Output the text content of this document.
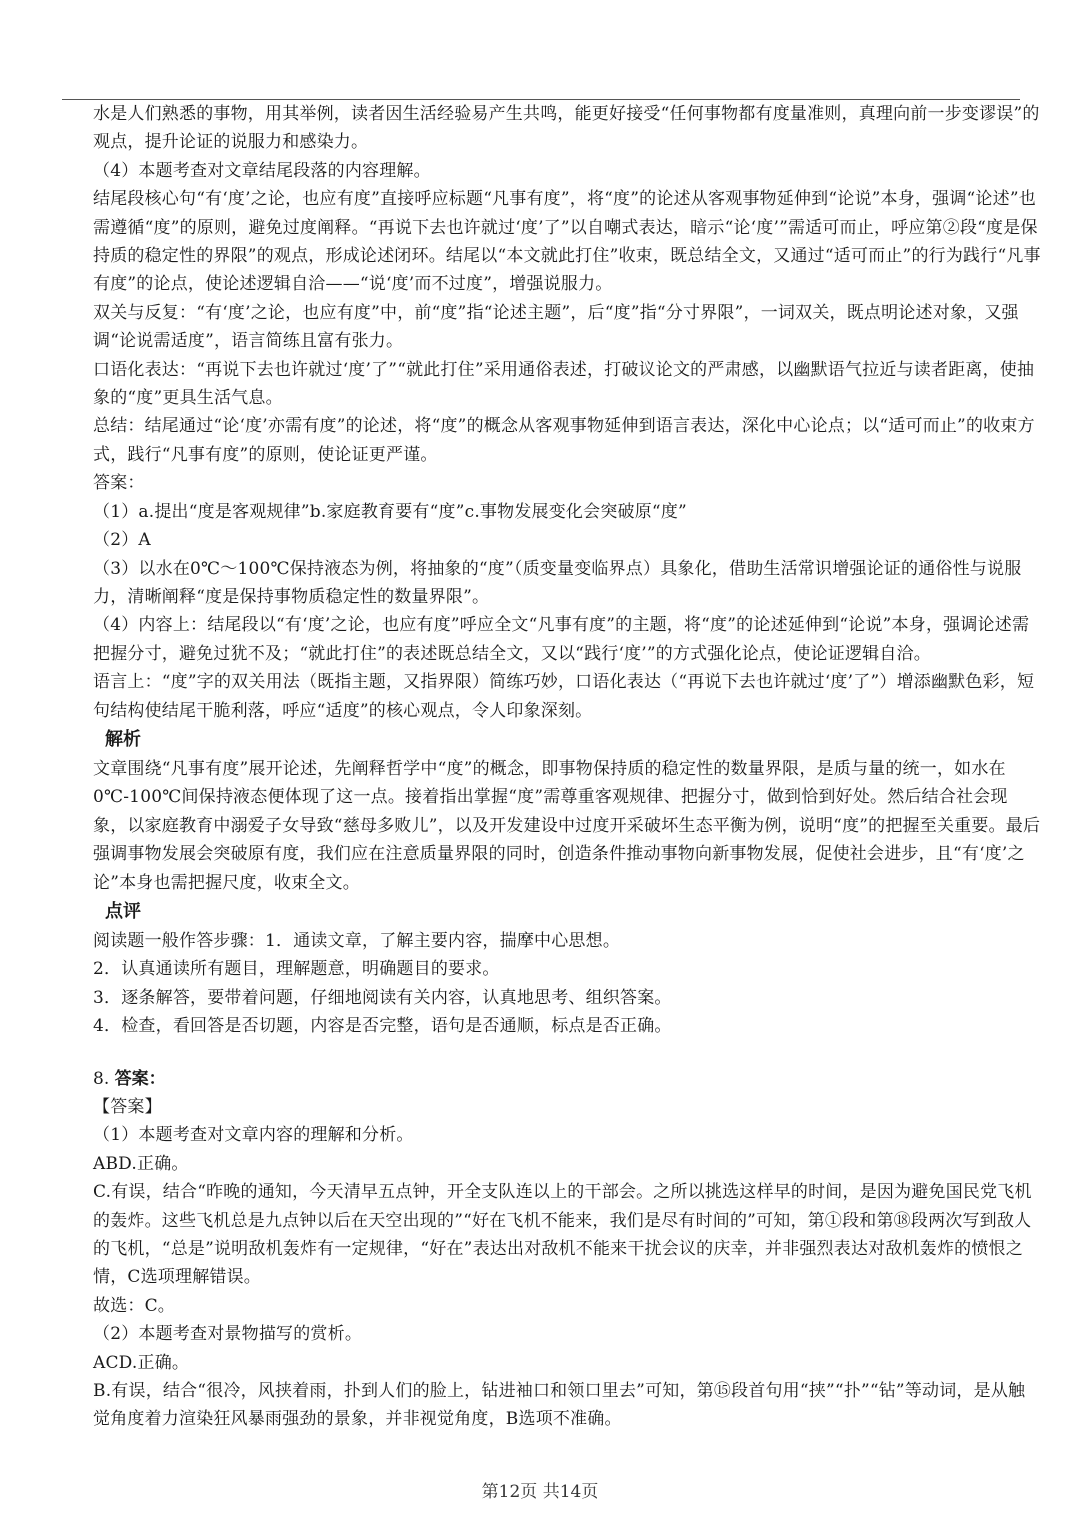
水是人们熟悉的事物，用其举例，读者因生活经验易产生共鸣，能更好接受“任何事物都有度量准则，真理向前一步变谬误”的观点，提升论证的说服力和感染力。

（4）本题考查对文章结尾段落的内容理解。

结尾段核心句“有‘度’之论，也应有度”直接呼应标题“凡事有度”，将“度”的论述从客观事物延伸到“论说”本身，强调“论述”也需遵循“度”的原则，避免过度阐释。“再说下去也许就过‘度’了”以自嘲式表达，暗示“论‘度’”需适可而止，呼应第②段“度是保持质的稳定性的界限”的观点，形成论述闭环。结尾以“本文就此打住”收束，既总结全文，又通过“适可而止”的行为践行“凡事有度”的论点，使论述逻辑自洽——“说‘度’而不过度”，增强说服力。

双关与反复：“有‘度’之论，也应有度”中，前“度”指“论述主题”，后“度”指“分寸界限”，一词双关，既点明论述对象，又强调“论说需适度”，语言简练且富有张力。

口语化表达：“再说下去也许就过‘度’了”“就此打住”采用通俗表述，打破议论文的严肃感，以幽默语气拉近与读者距离，使抽象的“度”更具生活气息。

总结：结尾通过“论‘度’亦需有度”的论述，将“度”的概念从客观事物延伸到语言表达，深化中心论点；以“适可而止”的收束方式，践行“凡事有度”的原则，使论证更严谨。

答案：

（1）a.提出“度是客观规律”b.家庭教育要有“度”c.事物发展变化会突破原“度”

（2）A

（3）以水在0℃～100℃保持液态为例，将抽象的“度”（质变量变临界点）具象化，借助生活常识增强论证的通俗性与说服力，清晰阐释“度是保持事物质稳定性的数量界限”。

（4）内容上：结尾段以“有‘度’之论，也应有度”呼应全文“凡事有度”的主题，将“度”的论述延伸到“论说”本身，强调论述需把握分寸，避免过犹不及；“就此打住”的表述既总结全文，又以“践行‘度’”的方式强化论点，使论证逻辑自洽。

语言上：“度”字的双关用法（既指主题，又指界限）简练巧妙，口语化表达（“再说下去也许就过‘度’了”）增添幽默色彩，短句结构使结尾干脆利落，呼应“适度”的核心观点，令人印象深刻。

解析

文章围绕“凡事有度”展开论述，先阐释哲学中“度”的概念，即事物保持质的稳定性的数量界限，是质与量的统一，如水在0℃-100℃间保持液态便体现了这一点。接着指出掌握“度”需尊重客观规律、把握分寸，做到恰到好处。然后结合社会现象，以家庭教育中溺爱子女导致“慈母多败儿”，以及开发建设中过度开采破坏生态平衡为例，说明“度”的把握至关重要。最后强调事物发展会突破原有度，我们应在注意质量界限的同时，创造条件推动事物向新事物发展，促使社会进步，且“有‘度’之论”本身也需把握尺度，收束全文。

点评

阅读题一般作答步骤：1．通读文章，了解主要内容，揣摩中心思想。

2．认真通读所有题目，理解题意，明确题目的要求。

3．逐条解答，要带着问题，仔细地阅读有关内容，认真地思考、组织答案。

4．检查，看回答是否切题，内容是否完整，语句是否通顺，标点是否正确。

8. 答案：

【答案】

（1）本题考查对文章内容的理解和分析。

ABD.正确。

C.有误，结合“昨晚的通知，今天清早五点钟，开全支队连以上的干部会。之所以挑选这样早的时间，是因为避免国民党飞机的轰炸。这些飞机总是九点钟以后在天空出现的”“好在飞机不能来，我们是尽有时间的”可知，第①段和第⑱段两次写到敌人的飞机，“总是”说明敌机轰炸有一定规律，“好在”表达出对敌机不能来干扰会议的庆幸，并非强烈表达对敌机轰炸的愤恨之情，C选项理解错误。

故选：C。

（2）本题考查对景物描写的赏析。

ACD.正确。

B.有误，结合“很冷，风挟着雨，扑到人们的脸上，钻进袖口和领口里去”可知，第⑮段首句用“挟”“扑”“钻”等动词，是从触觉角度着力渲染狂风暴雨强劲的景象，并非视觉角度，B选项不准确。

第12页 共14页
